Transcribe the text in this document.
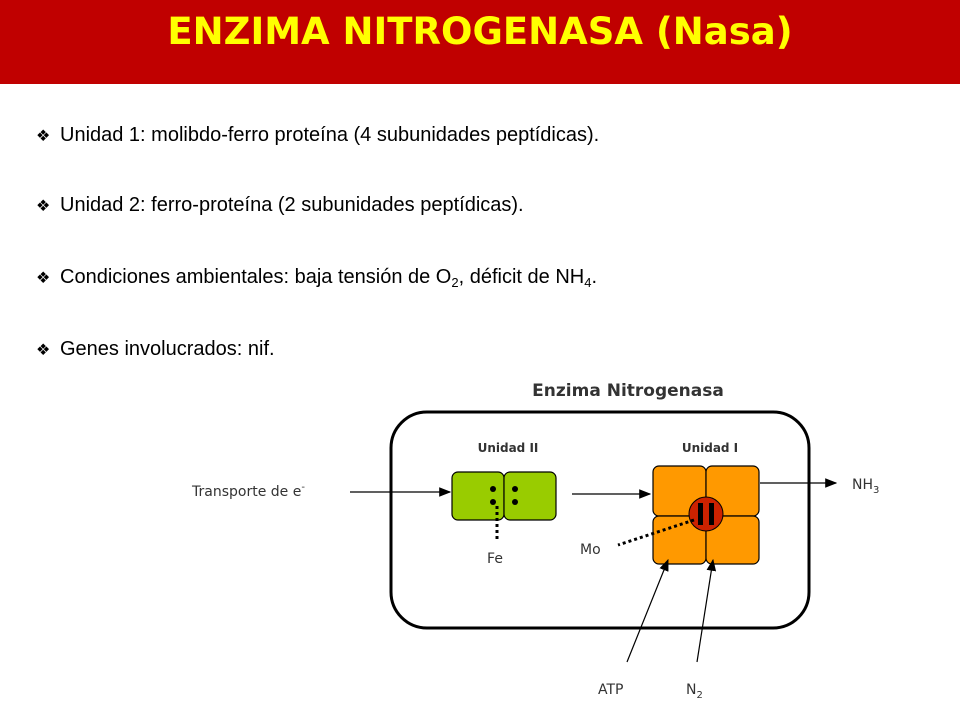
ENZIMA NITROGENASA (Nasa)
❖ Unidad 1: molibdo-ferro proteína (4 subunidades peptídicas).
❖ Unidad 2: ferro-proteína (2 subunidades peptídicas).
❖ Condiciones ambientales: baja tensión de $O_2$, déficit de $NH_4$.
❖ Genes involucrados: nif.
Enzima Nitrogenasa
Unidad II	Unidad I
Fe
Mo
Transporte de e-	$NH_3$
ATP	$N_2$
